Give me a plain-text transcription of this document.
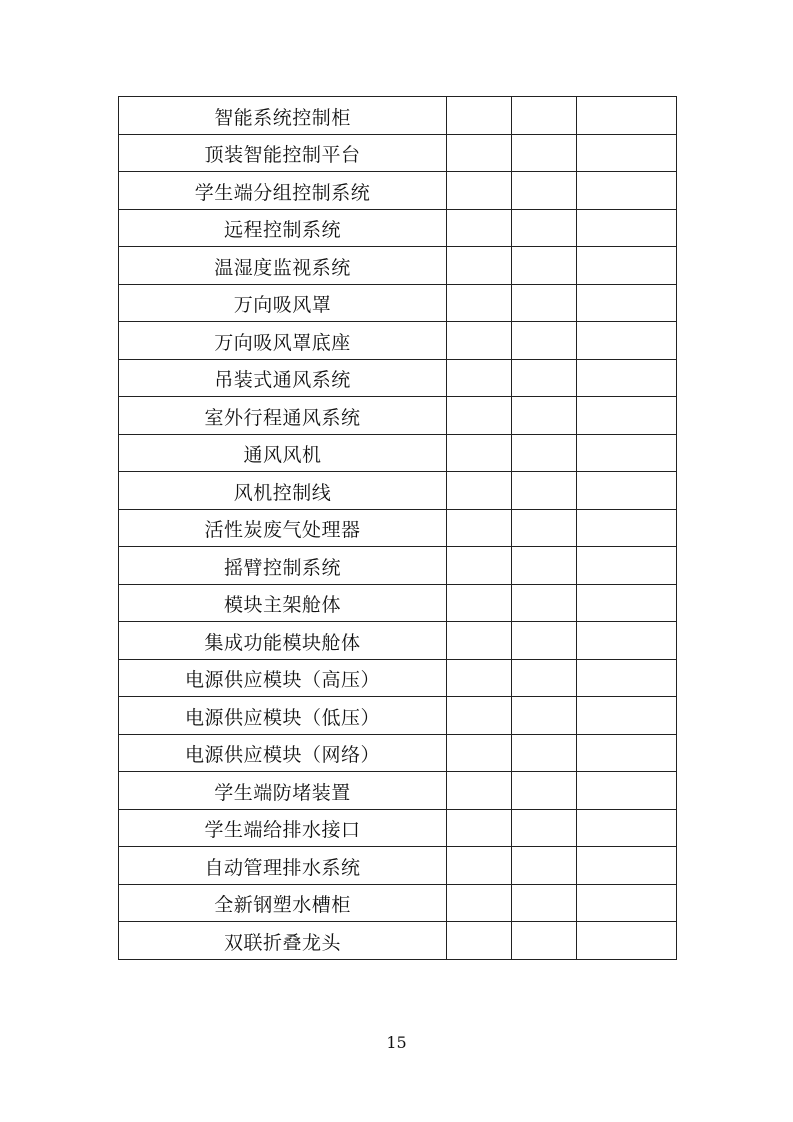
智能系统控制柜			
顶装智能控制平台			
学生端分组控制系统			
远程控制系统			
温湿度监视系统			
万向吸风罩			
万向吸风罩底座			
吊装式通风系统			
室外行程通风系统			
通风风机			
风机控制线			
活性炭废气处理器			
摇臂控制系统			
模块主架舱体			
集成功能模块舱体			
电源供应模块（高压）			
电源供应模块（低压）			
电源供应模块（网络）			
学生端防堵装置			
学生端给排水接口			
自动管理排水系统			
全新钢塑水槽柜			
双联折叠龙头			
15
